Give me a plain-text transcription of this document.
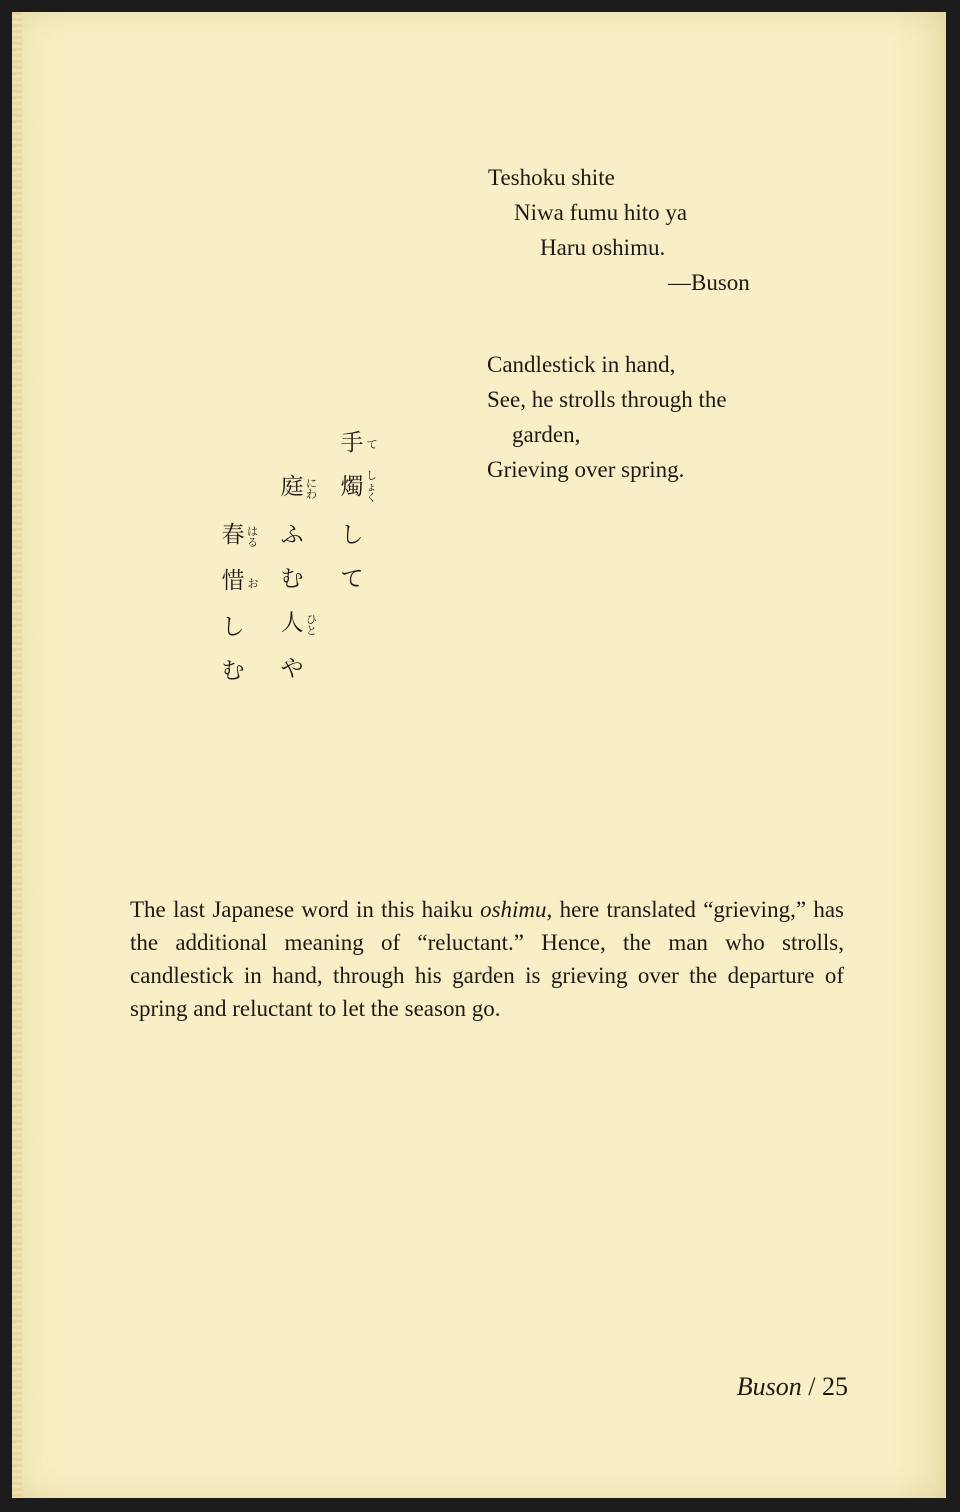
Teshoku shite
Niwa fumu hito ya
Haru oshimu.
—Buson
Candlestick in hand,
See, he strolls through the
garden,
Grieving over spring.
手 て
燭 しょく
し
て
庭 にわ
ふ
む
人 ひと
や
春 はる
惜 お
し
む

The last Japanese word in this haiku oshimu, here translated “grieving,” has the additional meaning of “reluctant.” Hence, the man who strolls, candlestick in hand, through his garden is grieving over the departure of spring and reluctant to let the season go.

Buson / 25
